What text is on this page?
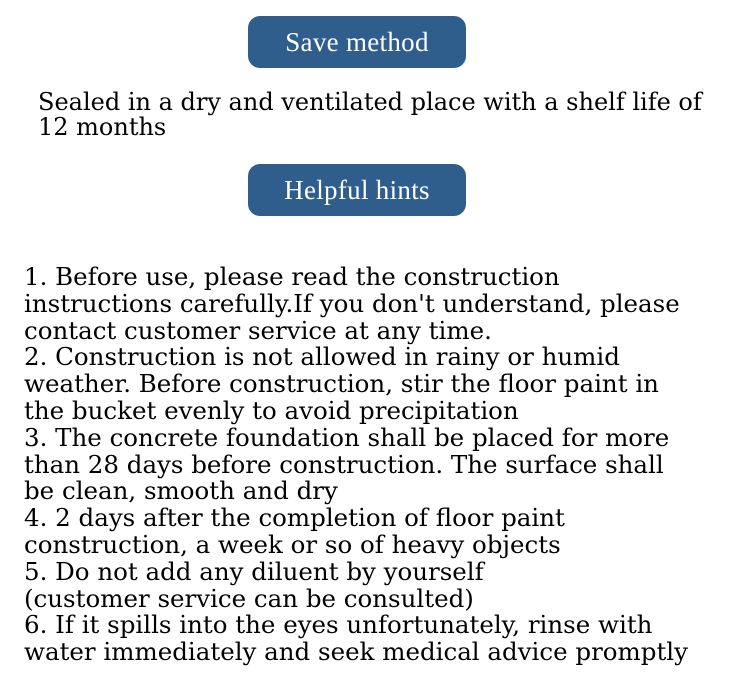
Save method

Sealed in a dry and ventilated place with a shelf life of 12 months

Helpful hints
1. Before use, please read the construction
instructions carefully.If you don't understand, please
contact customer service at any time.
2. Construction is not allowed in rainy or humid
weather. Before construction, stir the floor paint in
the bucket evenly to avoid precipitation
3. The concrete foundation shall be placed for more
than 28 days before construction. The surface shall
be clean, smooth and dry
4. 2 days after the completion of floor paint
construction, a week or so of heavy objects
5. Do not add any diluent by yourself
(customer service can be consulted)
6. If it spills into the eyes unfortunately, rinse with
water immediately and seek medical advice promptly
